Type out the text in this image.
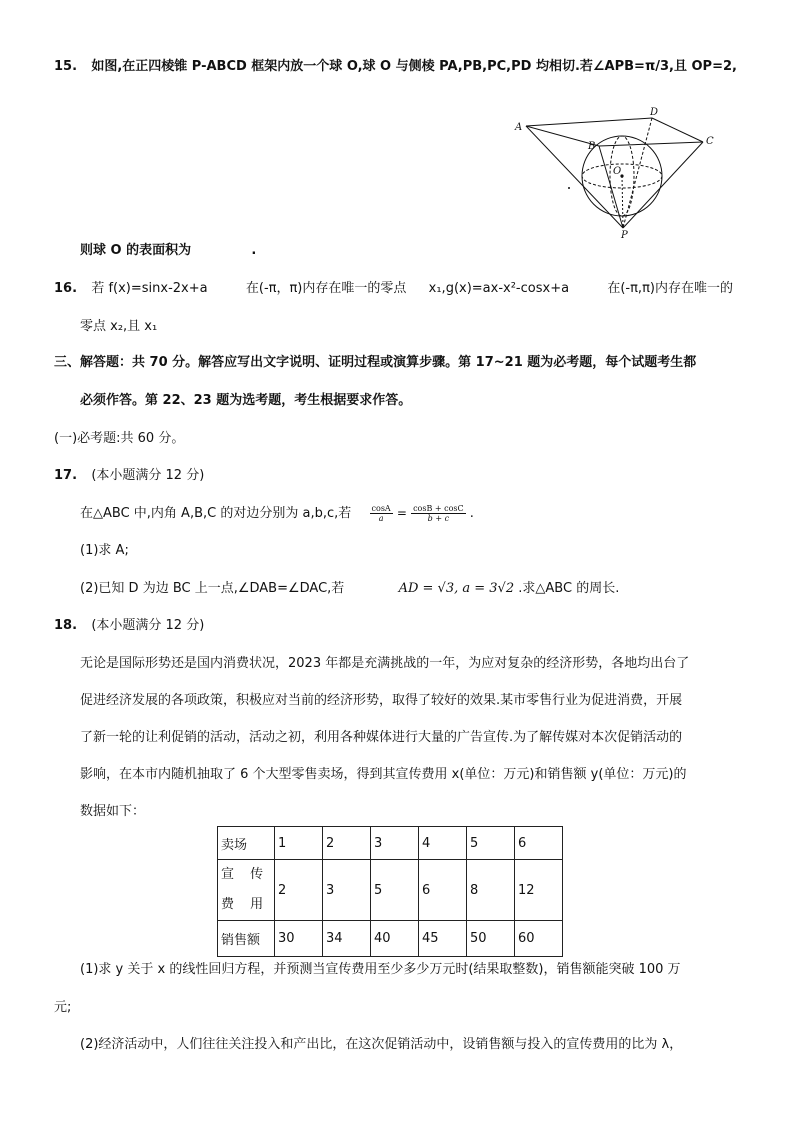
15. 如图,在正四棱锥 P-ABCD 框架内放一个球 O,球 O 与侧棱 PA,PB,PC,PD 均相切.若∠APB=π/3,且 OP=2,
A
B	C
D
O
P
则球 O 的表面积为	.
16. 若 f(x)=sinx-2x+a	在(-π，π)内存在唯一的零点 x₁,g(x)=ax-x²-cosx+a	在(-π,π)内存在唯一的
零点 x₂,且 x₁
三、解答题：共 70 分。解答应写出文字说明、证明过程或演算步骤。第 17~21 题为必考题，每个试题考生都
必须作答。第 22、23 题为选考题，考生根据要求作答。
(一)必考题:共 60 分。
17. (本小题满分 12 分)
在△ABC 中,内角 A,B,C 的对边分别为 a,b,c,若 $\frac{\cos A}{a} = \frac{\cos B + \cos C}{b + c}$ .
(1)求 A;
(2)已知 D 为边 BC 上一点,∠DAB=∠DAC,若	AD = √3, a = 3√2 .求△ABC 的周长.
18. (本小题满分 12 分)
无论是国际形势还是国内消费状况，2023 年都是充满挑战的一年，为应对复杂的经济形势，各地均出台了
促进经济发展的各项政策，积极应对当前的经济形势，取得了较好的效果.某市零售行业为促进消费，开展
了新一轮的让利促销的活动，活动之初，利用各种媒体进行大量的广告宣传.为了解传媒对本次促销活动的
影响，在本市内随机抽取了 6 个大型零售卖场，得到其宣传费用 x(单位：万元)和销售额 y(单位：万元)的
数据如下：
卖场	1	2	3	4	5	6
宣 传 费 用	2	3	5	6	8	12
销售额	30	34	40	45	50	60
(1)求 y 关于 x 的线性回归方程，并预测当宣传费用至少多少万元时(结果取整数)，销售额能突破 100 万
元;
(2)经济活动中，人们往往关注投入和产出比，在这次促销活动中，设销售额与投入的宣传费用的比为 λ，
